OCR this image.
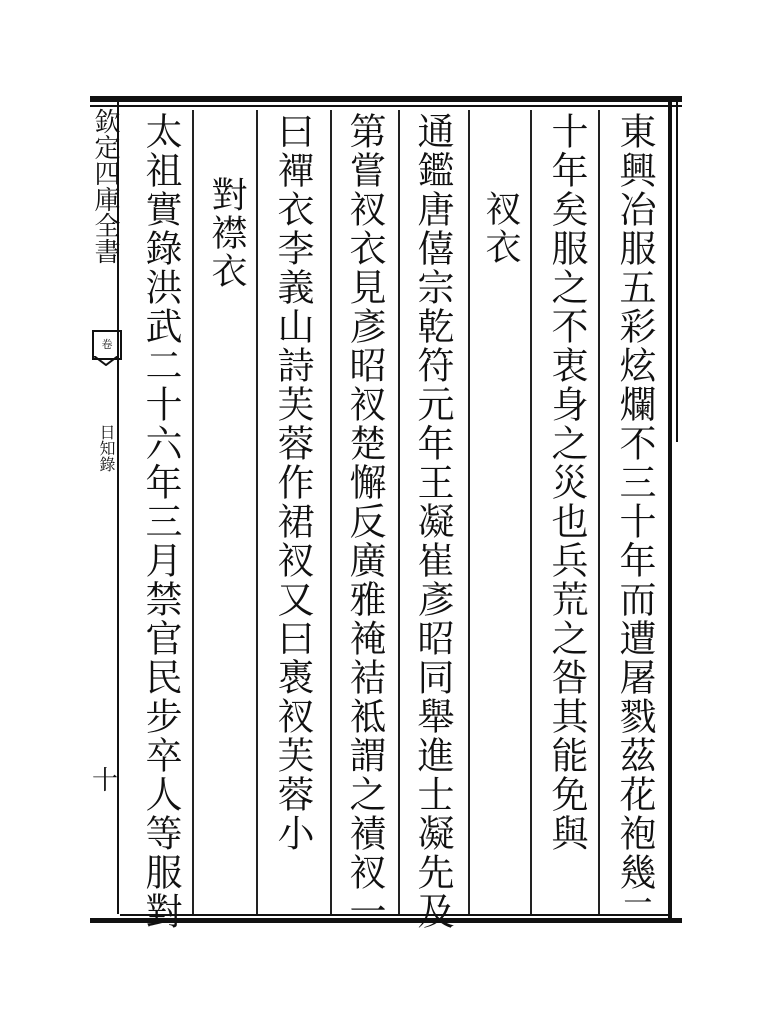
欽定四庫全書
卷
日知錄
十	東興冶服五彩炫爛不三十年而遭屠戮茲花袍幾二
十年矣服之不衷身之災也兵荒之咎其能免與
衩衣
通鑑唐僖宗乾符元年王凝崔彥昭同舉進士凝先及
第嘗衩衣見彥昭衩楚懈反廣雅裺袺袛謂之襀衩一
曰襌衣李義山詩芙蓉作裙衩又曰褭衩芙蓉小
對襟衣
太祖實錄洪武二十六年三月禁官民步卒人等服對
